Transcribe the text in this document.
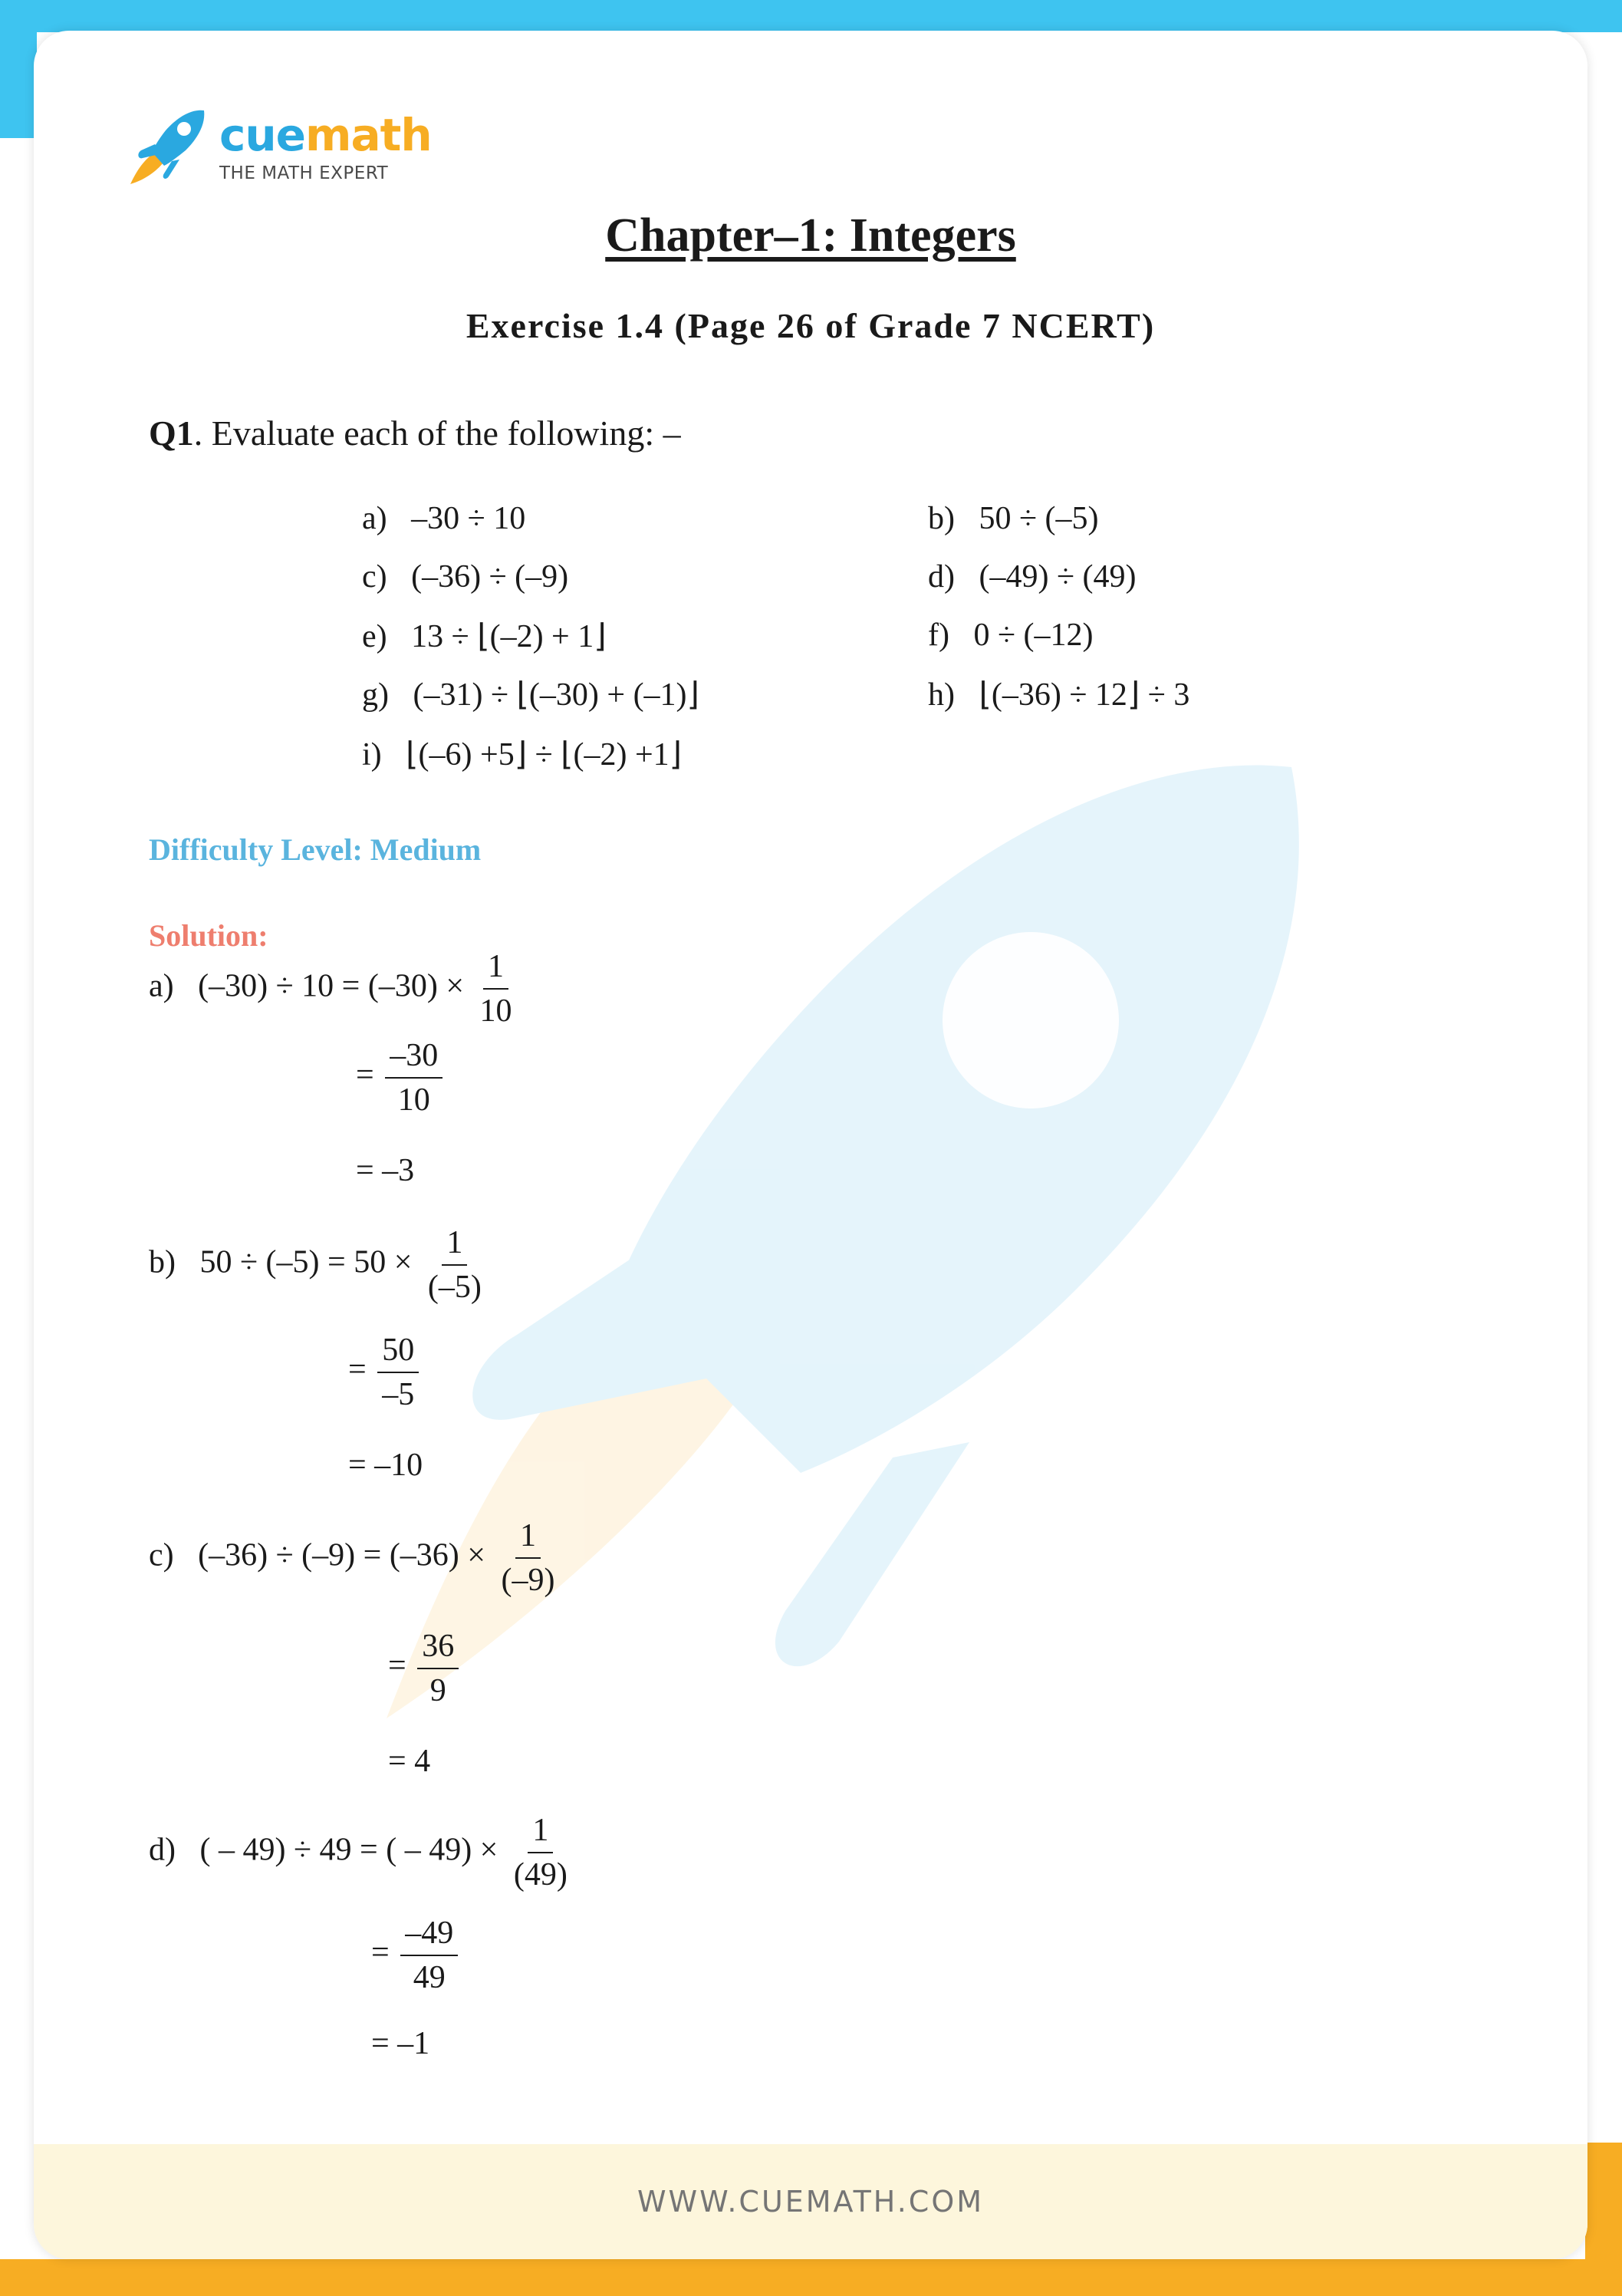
cuemath
THE MATH EXPERT
Chapter–1: Integers
Exercise 1.4 (Page 26 of Grade 7 NCERT)
Q1. Evaluate each of the following: –
a) –30 ÷ 10	b) 50 ÷ (–5)
c) (–36) ÷ (–9)	d) (–49) ÷ (49)
e) 13 ÷ ⌊(–2) + 1⌋	f) 0 ÷ (–12)
g) (–31) ÷ ⌊(–30) + (–1)⌋	h) ⌊(–36) ÷ 12⌋ ÷ 3
i) ⌊(–6) +5⌋ ÷ ⌊(–2) +1⌋
Difficulty Level: Medium
Solution:
a) $(-30) \div 10 = (-30) \times \frac{1}{10}$
= $\frac{-30}{10}$
= –3
b) $50 \div (-5) = 50 \times \frac{1}{(-5)}$
= $\frac{50}{-5}$
= –10
c) $(-36) \div (-9) = (-36) \times \frac{1}{(-9)}$
= $\frac{36}{9}$
= 4
d) ( – 49) ÷ 49 = ( – $49) \times \frac{1}{(49)}$
= $\frac{-49}{49}$
= –1
WWW.CUEMATH.COM
